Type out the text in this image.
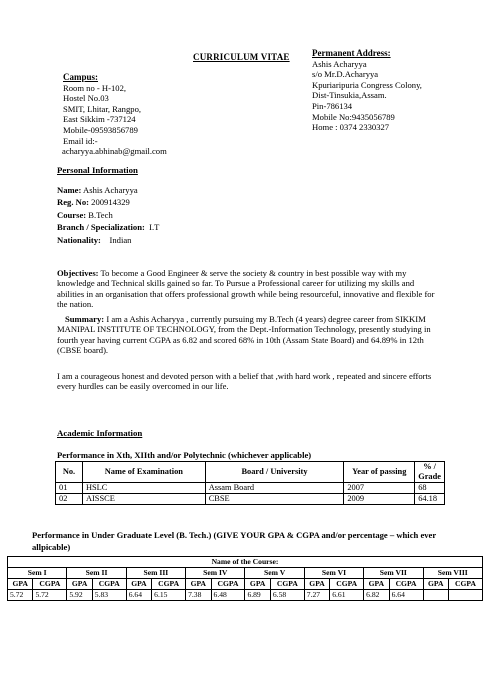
CURRICULUM VITAE Permanent Address:
Ashis Acharyya
s/o Mr.D.Acharyya
Kpuriaripuria Congress Colony,
Dist-Tinsukia,Assam.
Pin-786134
Mobile No:9435056789
Home : 0374 2330327
Campus:
Room no - H-102,
Hostel No.03
SMIT, Lhitar, Rangpo,
East Sikkim -737124
Mobile-09593856789
Email id:-
acharyya.abhinab@gmail.com
Personal Information
Name: Ashis Acharyya
Reg. No: 200914329
Course: B.Tech
Branch / Specialization: I.T
Nationality: Indian
Objectives: To become a Good Engineer & serve the society & country in best possible way with my knowledge and Technical skills gained so far. To Pursue a Professional career for utilizing my skills and abilities in an organisation that offers professional growth while being resourceful, innovative and flexible for the nation.
Summary: I am a Ashis Acharyya , currently pursuing my B.Tech (4 years) degree career from SIKKIM MANIPAL INSTITUTE OF TECHNOLOGY, from the Dept.-Information Technology, presently studying in fourth year having current CGPA as 6.82 and scored 68% in 10th (Assam State Board) and 64.89% in 12th (CBSE board).
I am a courageous honest and devoted person with a belief that ,with hard work , repeated and sincere efforts every hurdles can be easily overcomed in our life.
Academic Information
Performance in Xth, XIIth and/or Polytechnic (whichever applicable)
No.	Name of Examination	Board / University	Year of passing	% / Grade
01	HSLC	Assam Board	2007	68
02	AISSCE	CBSE	2009	64.18
Performance in Under Graduate Level (B. Tech.) (GIVE YOUR GPA & CGPA and/or percentage – which ever allpicable)
Name of the Course:															
Sem I		Sem II		Sem III		Sem IV		Sem V		Sem VI		Sem VII		Sem VIII	
GPA	CGPA	GPA	CGPA	GPA	CGPA	GPA	CGPA	GPA	CGPA	GPA	CGPA	GPA	CGPA	GPA	CGPA
5.72	5.72	5.92	5.83	6.64	6.15	7.38	6.48	6.89	6.58	7.27	6.61	6.82	6.64		
